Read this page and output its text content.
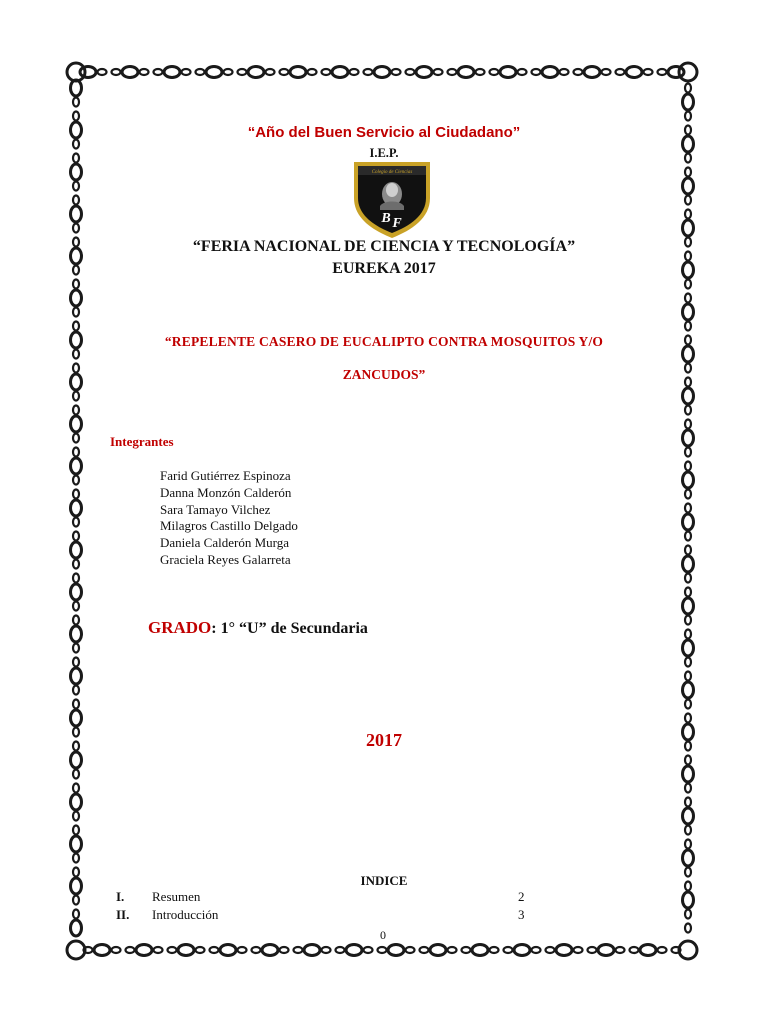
“Año del Buen Servicio al Ciudadano”
I.E.P.
Colegio de Ciencias
B F
“FERIA NACIONAL DE CIENCIA Y TECNOLOGÍA”
EUREKA 2017
“REPELENTE CASERO DE EUCALIPTO CONTRA MOSQUITOS Y/O
ZANCUDOS”
Integrantes
Farid Gutiérrez Espinoza
Danna Monzón Calderón
Sara Tamayo Vilchez
Milagros Castillo Delgado
Daniela Calderón Murga
Graciela Reyes Galarreta
GRADO: 1° “U” de Secundaria
2017
INDICE
I. Resumen	2
II. Introducción	3
0
